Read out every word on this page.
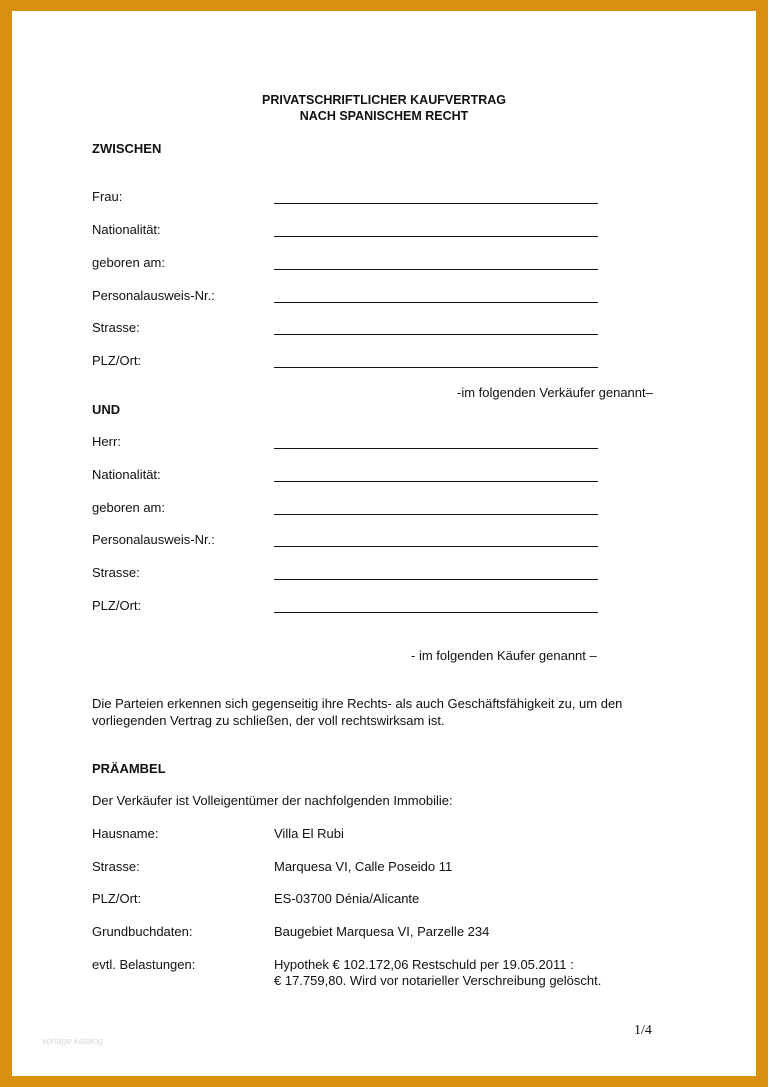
PRIVATSCHRIFTLICHER KAUFVERTRAG
NACH SPANISCHEM RECHT
ZWISCHEN
Frau:
Nationalität:
geboren am:
Personalausweis-Nr.:
Strasse:
PLZ/Ort:
-im folgenden Verkäufer genannt–
UND
Herr:
Nationalität:
geboren am:
Personalausweis-Nr.:
Strasse:
PLZ/Ort:
- im folgenden Käufer genannt –
Die Parteien erkennen sich gegenseitig ihre Rechts- als auch Geschäftsfähigkeit zu, um den vorliegenden Vertrag zu schließen, der voll rechtswirksam ist.
PRÄAMBEL
Der Verkäufer ist Volleigentümer der nachfolgenden Immobilie:
Hausname:	Villa El Rubi
Strasse:	Marquesa VI, Calle Poseido 11
PLZ/Ort:	ES-03700 Dénia/Alicante
Grundbuchdaten:	Baugebiet Marquesa VI, Parzelle 234
evtl. Belastungen:	Hypothek € 102.172,06 Restschuld per 19.05.2011 :
€ 17.759,80. Wird vor notarieller Verschreibung gelöscht.
1/4
vorlage katalog
